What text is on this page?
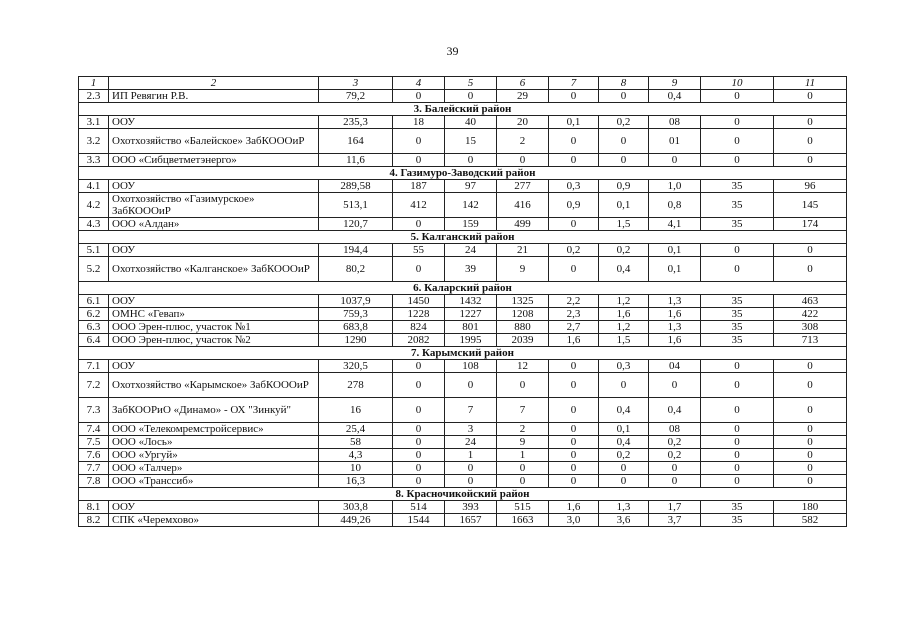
39
1	2	3	4	5	6	7	8	9	10	11
2.3	ИП Ревягин Р.В.	79,2	0	0	29	0	0	0,4	0	0
3. Балейский район										
3.1	ООУ	235,3	18	40	20	0,1	0,2	08	0	0
3.2	Охотхозяйство «Балейское» ЗабКОООиР	164	0	15	2	0	0	01	0	0
3.3	ООО «Сибцветметэнерго»	11,6	0	0	0	0	0	0	0	0
4. Газимуро-Заводский район										
4.1	ООУ	289,58	187	97	277	0,3	0,9	1,0	35	96
4.2	Охотхозяйство «Газимурское» ЗабКОООиР	513,1	412	142	416	0,9	0,1	0,8	35	145
4.3	ООО «Алдан»	120,7	0	159	499	0	1,5	4,1	35	174
5. Калганский район										
5.1	ООУ	194,4	55	24	21	0,2	0,2	0,1	0	0
5.2	Охотхозяйство «Калганское» ЗабКОООиР	80,2	0	39	9	0	0,4	0,1	0	0
6. Каларский район										
6.1	ООУ	1037,9	1450	1432	1325	2,2	1,2	1,3	35	463
6.2	ОМНС «Гевап»	759,3	1228	1227	1208	2,3	1,6	1,6	35	422
6.3	ООО Эрен-плюс, участок №1	683,8	824	801	880	2,7	1,2	1,3	35	308
6.4	ООО Эрен-плюс, участок №2	1290	2082	1995	2039	1,6	1,5	1,6	35	713
7. Карымский район										
7.1	ООУ	320,5	0	108	12	0	0,3	04	0	0
7.2	Охотхозяйство «Карымское» ЗабКОООиР	278	0	0	0	0	0	0	0	0
7.3	ЗабКООРиО «Динамо» - ОХ "Зинкуй"	16	0	7	7	0	0,4	0,4	0	0
7.4	ООО «Телекомремстройсервис»	25,4	0	3	2	0	0,1	08	0	0
7.5	ООО «Лось»	58	0	24	9	0	0,4	0,2	0	0
7.6	ООО «Ургуй»	4,3	0	1	1	0	0,2	0,2	0	0
7.7	ООО «Талчер»	10	0	0	0	0	0	0	0	0
7.8	ООО «Транссиб»	16,3	0	0	0	0	0	0	0	0
8. Красночикойский район										
8.1	ООУ	303,8	514	393	515	1,6	1,3	1,7	35	180
8.2	СПК «Черемхово»	449,26	1544	1657	1663	3,0	3,6	3,7	35	582
